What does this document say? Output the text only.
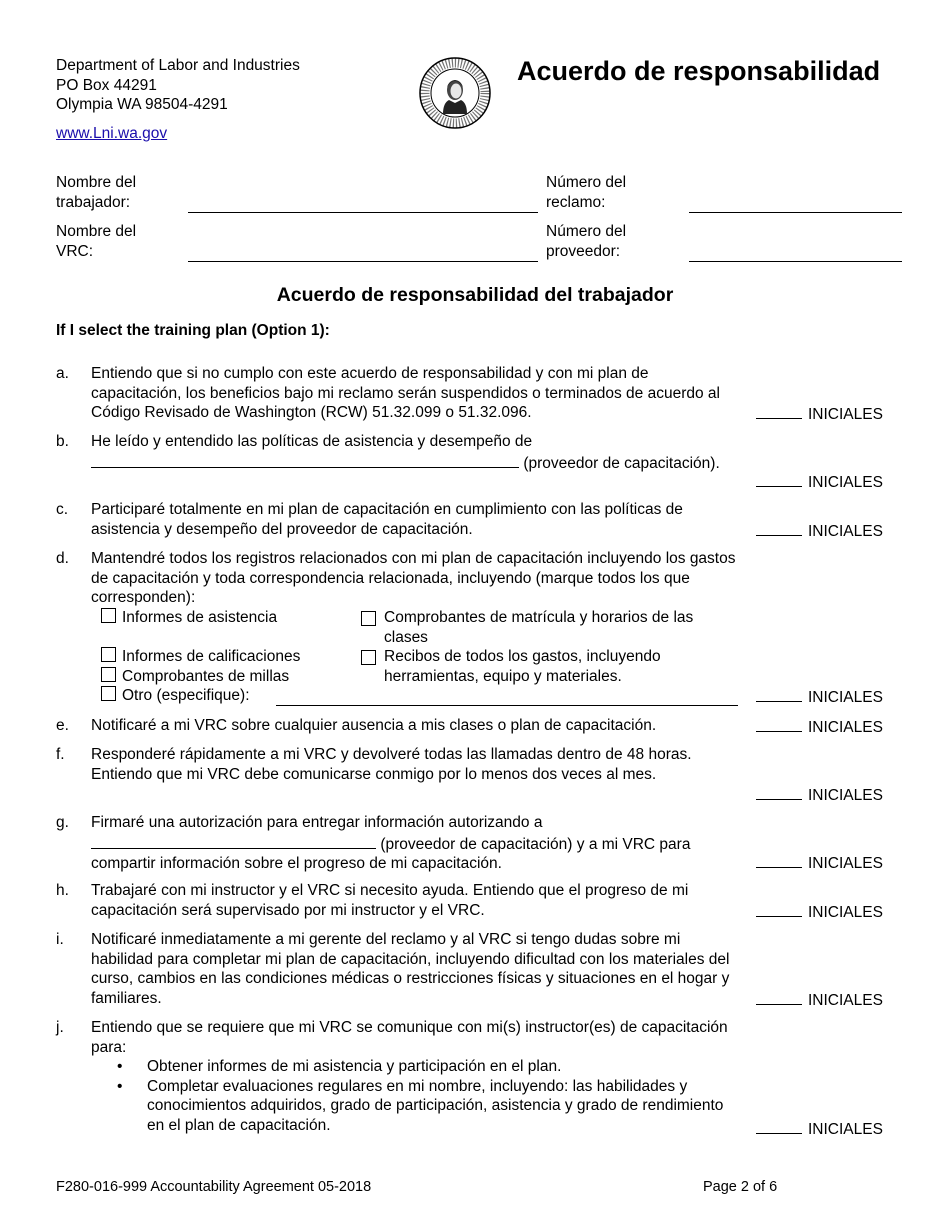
Department of Labor and Industries
PO Box 44291
Olympia WA 98504-4291
www.Lni.wa.gov
Acuerdo de responsabilidad
Nombre del trabajador:
Número del reclamo:
Nombre del VRC:
Número del proveedor:
Acuerdo de responsabilidad del trabajador
If I select the training plan (Option 1):
a. Entiendo que si no cumplo con este acuerdo de responsabilidad y con mi plan de capacitación, los beneficios bajo mi reclamo serán suspendidos o terminados de acuerdo al Código Revisado de Washington (RCW) 51.32.099 o 51.32.096.	INICIALES
b. He leído y entendido las políticas de asistencia y desempeño de
(proveedor de capacitación).
INICIALES
c. Participaré totalmente en mi plan de capacitación en cumplimiento con las políticas de asistencia y desempeño del proveedor de capacitación.	INICIALES
d. Mantendré todos los registros relacionados con mi plan de capacitación incluyendo los gastos de capacitación y toda correspondencia relacionada, incluyendo (marque todos los que corresponden):
Informes de asistencia	Comprobantes de matrícula y horarios de las clases
Informes de calificaciones	Recibos de todos los gastos, incluyendo herramientas, equipo y materiales.
Comprobantes de millas
Otro (especifique):	INICIALES
e. Notificaré a mi VRC sobre cualquier ausencia a mis clases o plan de capacitación.	INICIALES
f. Responderé rápidamente a mi VRC y devolveré todas las llamadas dentro de 48 horas. Entiendo que mi VRC debe comunicarse conmigo por lo menos dos veces al mes.
INICIALES
g. Firmaré una autorización para entregar información autorizando a
(proveedor de capacitación) y a mi VRC para
compartir información sobre el progreso de mi capacitación.	INICIALES
h. Trabajaré con mi instructor y el VRC si necesito ayuda. Entiendo que el progreso de mi capacitación será supervisado por mi instructor y el VRC.	INICIALES
i. Notificaré inmediatamente a mi gerente del reclamo y al VRC si tengo dudas sobre mi habilidad para completar mi plan de capacitación, incluyendo dificultad con los materiales del curso, cambios en las condiciones médicas o restricciones físicas y situaciones en el hogar y familiares.	INICIALES
j. Entiendo que se requiere que mi VRC se comunique con mi(s) instructor(es) de capacitación para:
• Obtener informes de mi asistencia y participación en el plan.
• Completar evaluaciones regulares en mi nombre, incluyendo: las habilidades y conocimientos adquiridos, grado de participación, asistencia y grado de rendimiento en el plan de capacitación.	INICIALES
F280-016-999 Accountability Agreement 05-2018	Page 2 of 6
